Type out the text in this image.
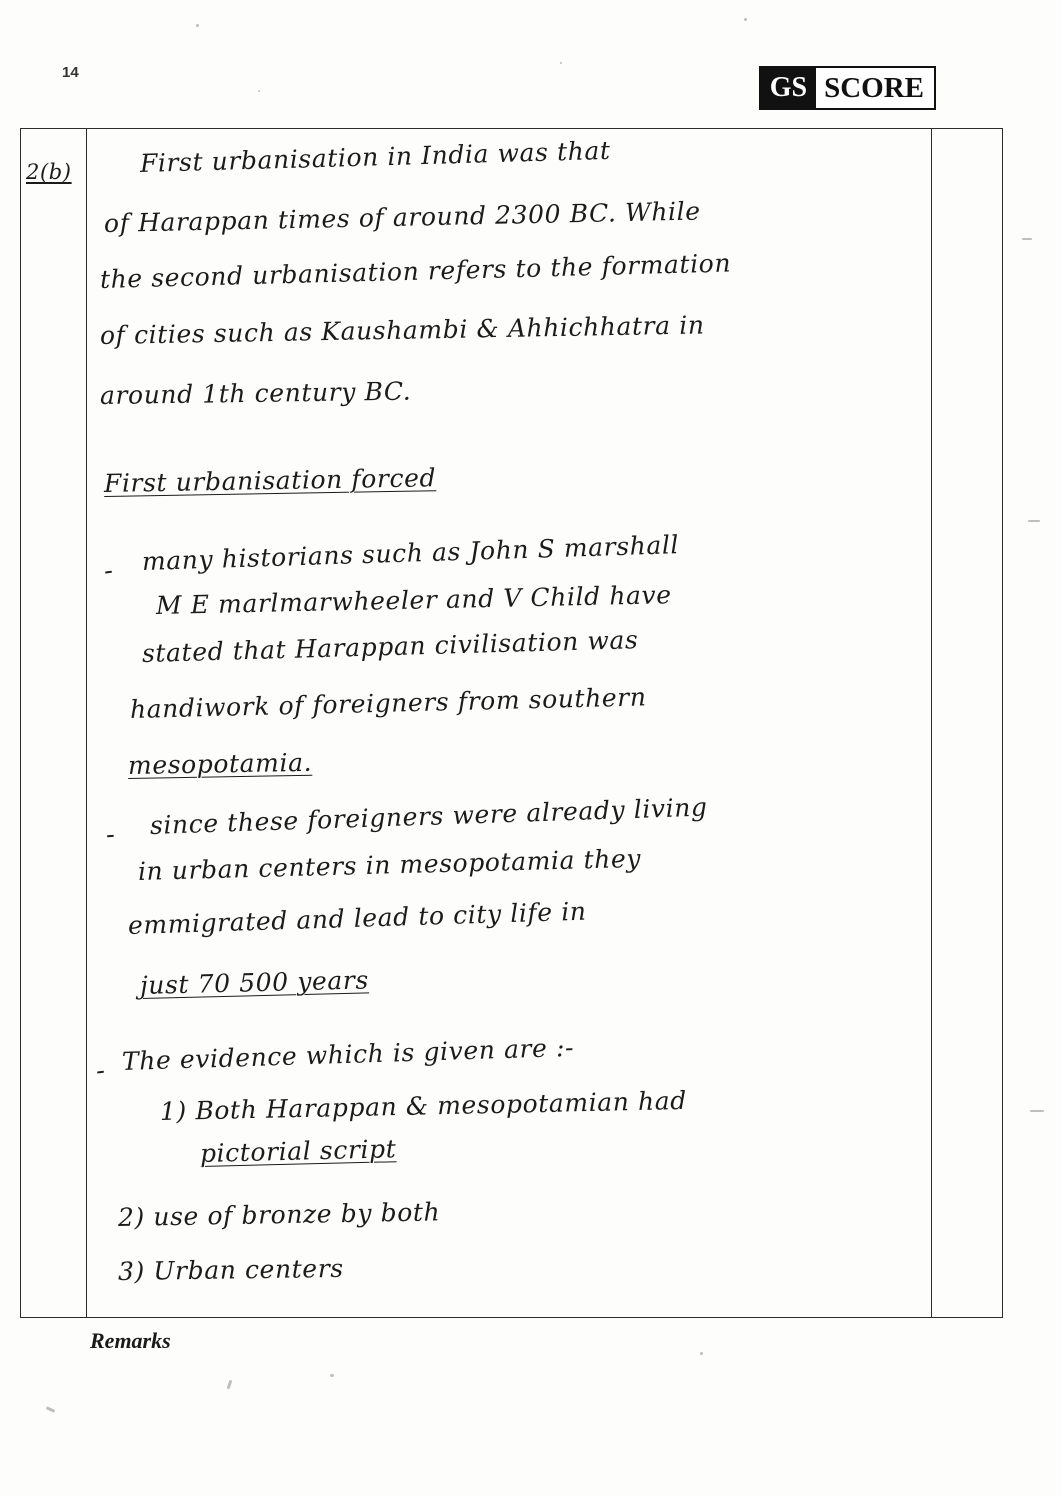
14	GS SCORE
2(b)	First urbanisation in India was that
of Harappan times of around 2300 BC. While
the second urbanisation refers to the formation
of cities such as Kaushambi & Ahhichhatra in
around 1th century BC.
First urbanisation forced
- many historians such as John S marshall
M E marlmarwheeler and V Child have
stated that Harappan civilisation was
handiwork of foreigners from southern
mesopotamia.
- since these foreigners were already living
in urban centers in mesopotamia they
emmigrated and lead to city life in
just 70 500 years
- The evidence which is given are :-
1) Both Harappan & mesopotamian had
pictorial script
2) use of bronze by both
3) Urban centers
Remarks
